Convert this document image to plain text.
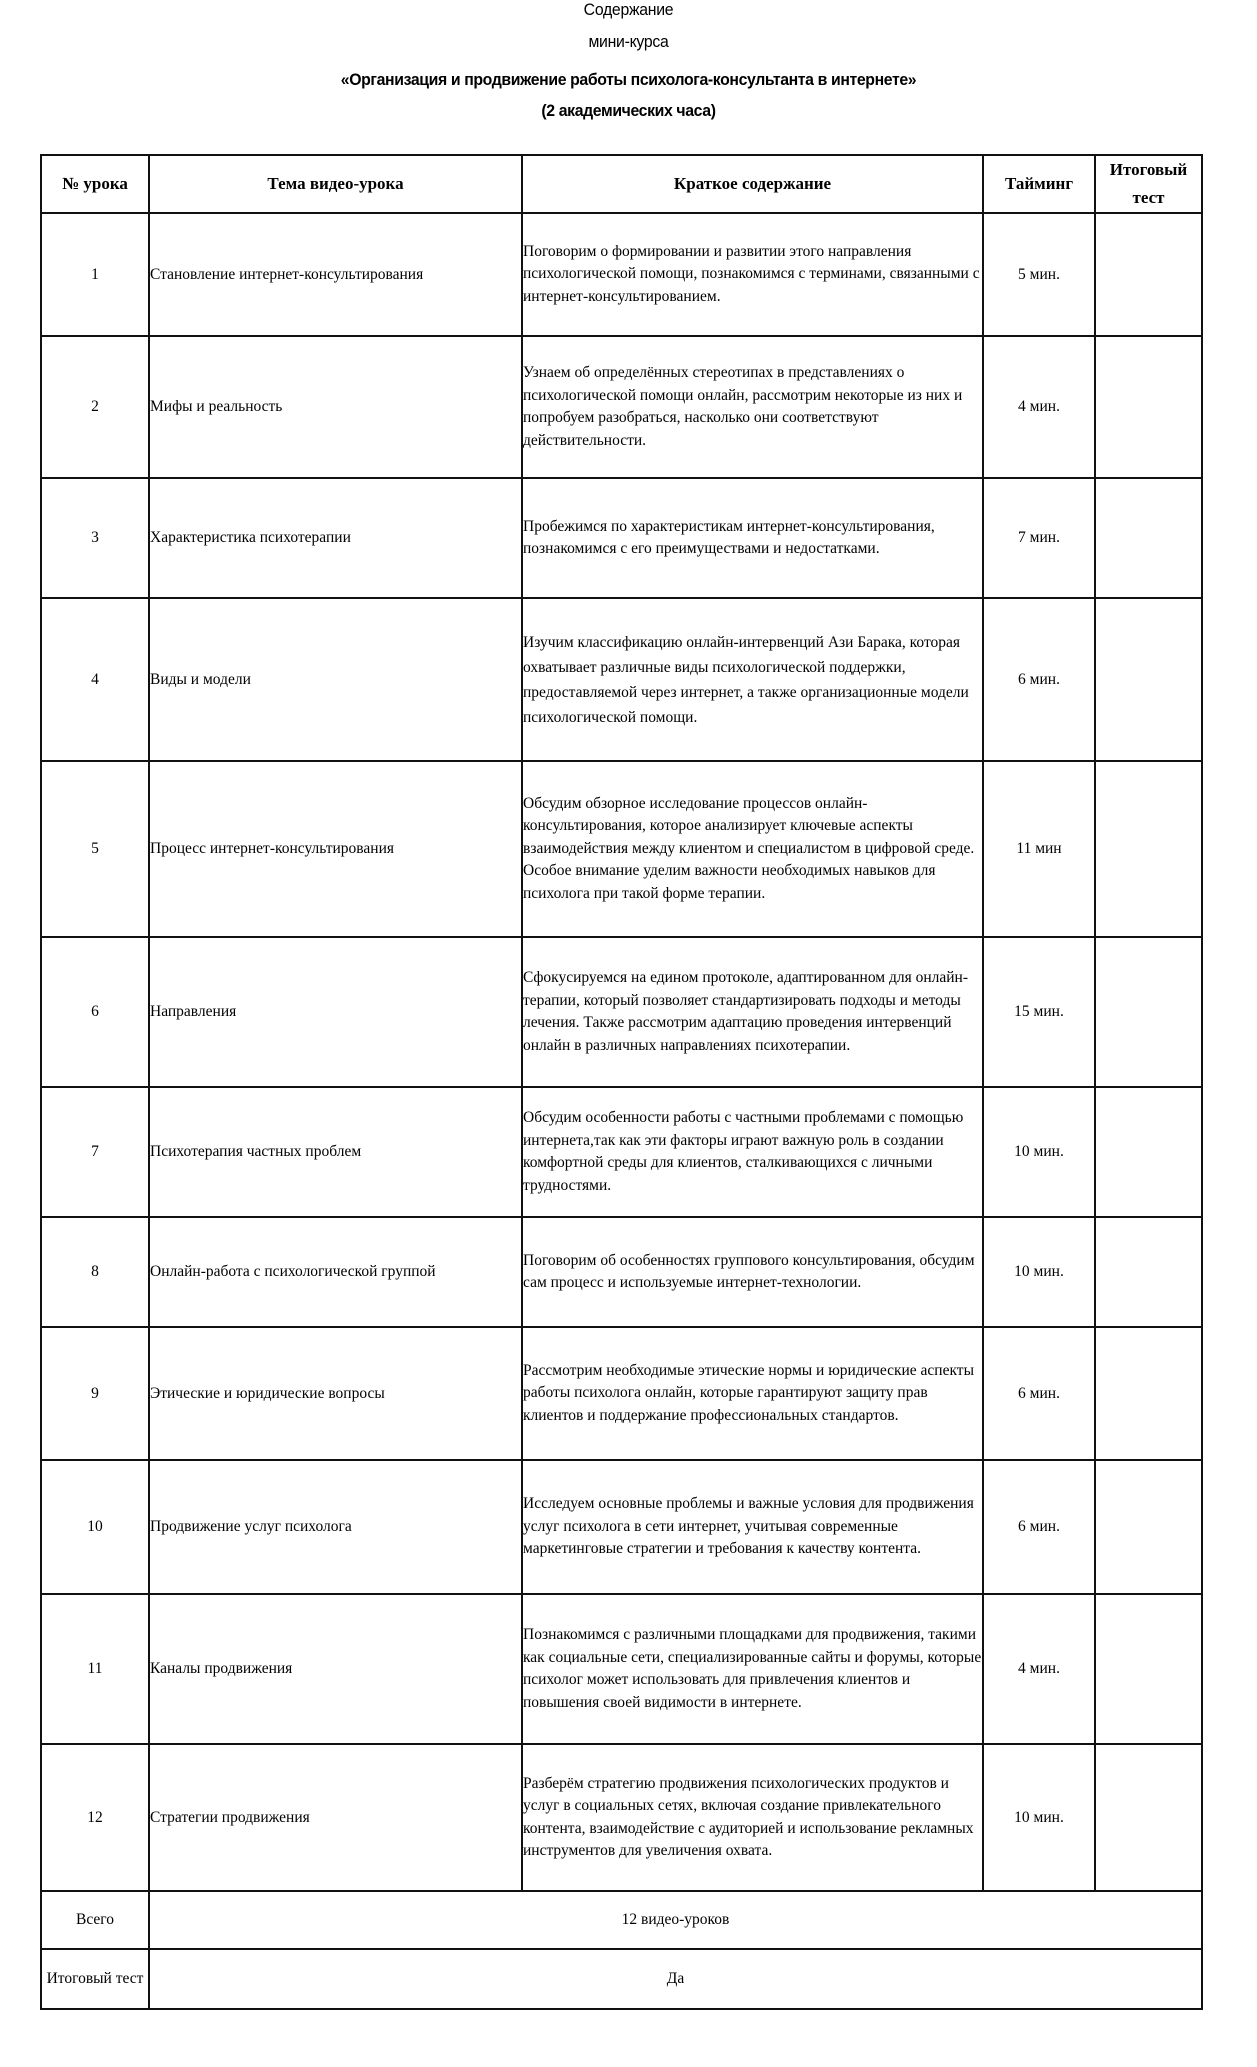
Содержание
мини-курса
«Организация и продвижение работы психолога-консультанта в интернете»
(2 академических часа)
№ урока	Тема видео-урока	Краткое содержание	Тайминг	Итоговый тест
1	Становление интернет-консультирования	Поговорим о формировании и развитии этого направления психологической помощи, познакомимся с терминами, связанными с интернет-консультированием.	5 мин.	
2	Мифы и реальность	Узнаем об определённых стереотипах в представлениях о психологической помощи онлайн, рассмотрим некоторые из них и попробуем разобраться, насколько они соответствуют действительности.	4 мин.	
3	Характеристика психотерапии	Пробежимся по характеристикам интернет-консультирования, познакомимся с его преимуществами и недостатками.	7 мин.	
4	Виды и модели	Изучим классификацию онлайн-интервенций Ази Барака, которая охватывает различные виды психологической поддержки, предоставляемой через интернет, а также организационные модели психологической помощи.	6 мин.	
5	Процесс интернет-консультирования	Обсудим обзорное исследование процессов онлайн-консультирования, которое анализирует ключевые аспекты взаимодействия между клиентом и специалистом в цифровой среде. Особое внимание уделим важности необходимых навыков для психолога при такой форме терапии.	11 мин	
6	Направления	Сфокусируемся на едином протоколе, адаптированном для онлайн-терапии, который позволяет стандартизировать подходы и методы лечения. Также рассмотрим адаптацию проведения интервенций онлайн в различных направлениях психотерапии.	15 мин.	
7	Психотерапия частных проблем	Обсудим особенности работы с частными проблемами с помощью интернета,так как эти факторы играют важную роль в создании комфортной среды для клиентов, сталкивающихся с личными трудностями.	10 мин.	
8	Онлайн-работа с психологической группой	Поговорим об особенностях группового консультирования, обсудим сам процесс и используемые интернет-технологии.	10 мин.	
9	Этические и юридические вопросы	Рассмотрим необходимые этические нормы и юридические аспекты работы психолога онлайн, которые гарантируют защиту прав клиентов и поддержание профессиональных стандартов.	6 мин.	
10	Продвижение услуг психолога	Исследуем основные проблемы и важные условия для продвижения услуг психолога в сети интернет, учитывая современные маркетинговые стратегии и требования к качеству контента.	6 мин.	
11	Каналы продвижения	Познакомимся с различными площадками для продвижения, такими как социальные сети, специализированные сайты и форумы, которые психолог может использовать для привлечения клиентов и повышения своей видимости в интернете.	4 мин.	
12	Стратегии продвижения	Разберём стратегию продвижения психологических продуктов и услуг в социальных сетях, включая создание привлекательного контента, взаимодействие с аудиторией и использование рекламных инструментов для увеличения охвата.	10 мин.	
Всего	12 видео-уроков			
Итоговый тест	Да			
